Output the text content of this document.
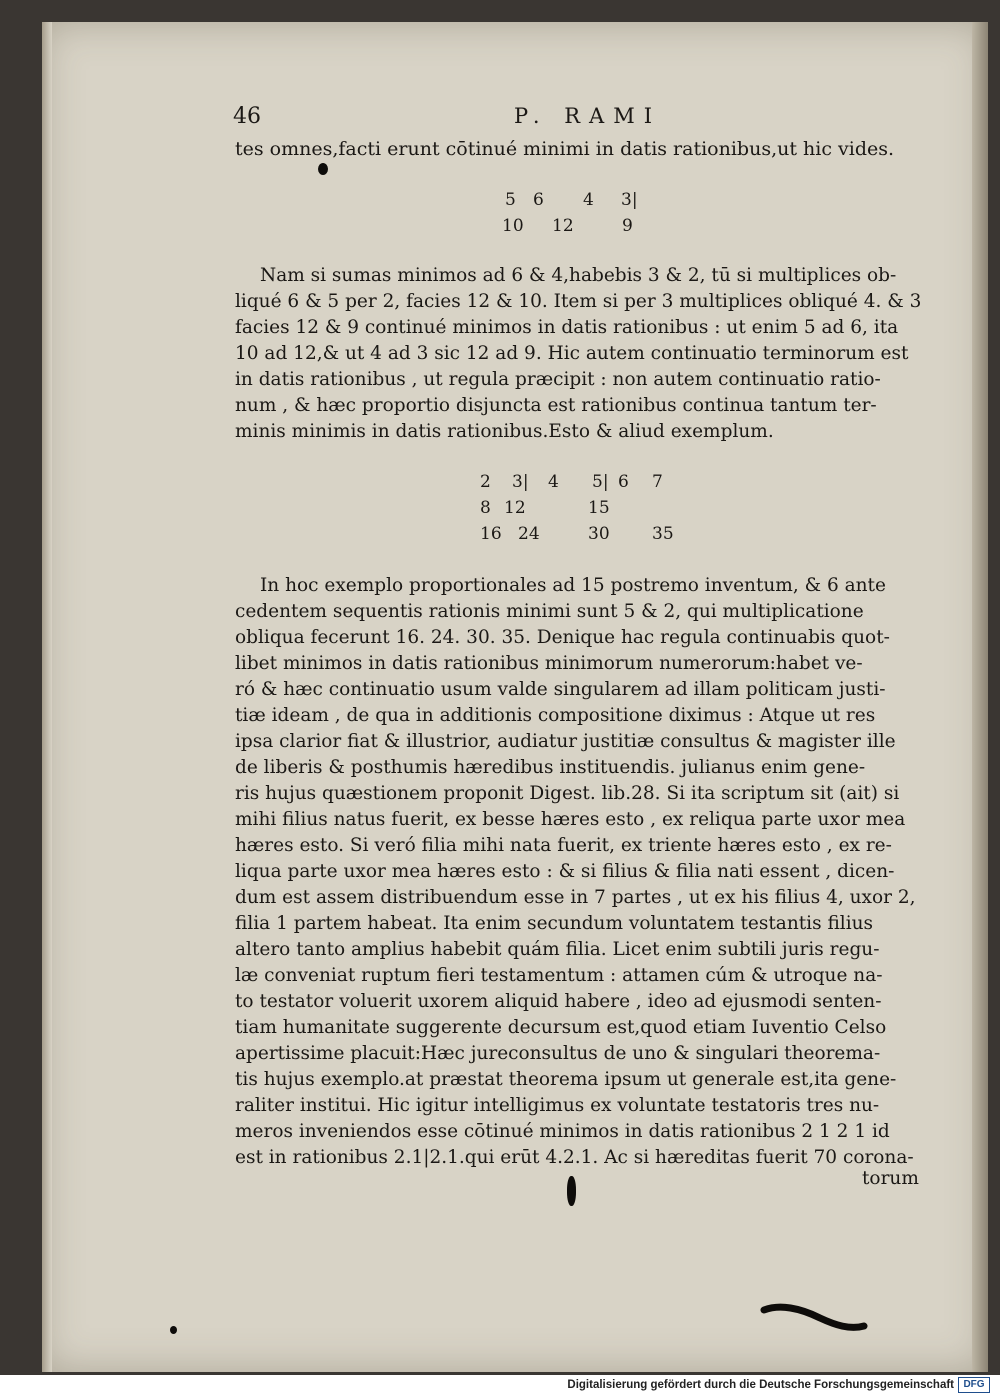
46	P. RAMI
tes omnes,facti erunt cōtinué minimi in datis rationibus,ut hic vides.
5 6 4 3|
10 12	9
Nam si sumas minimos ad 6 & 4,habebis 3 & 2, tū si multiplices ob-
liqué 6 & 5 per 2, facies 12 & 10. Item si per 3 multiplices obliqué 4. & 3
facies 12 & 9 continué minimos in datis rationibus : ut enim 5 ad 6, ita
10 ad 12,& ut 4 ad 3 sic 12 ad 9. Hic autem continuatio terminorum est
in datis rationibus , ut regula præcipit : non autem continuatio ratio-
num , & hæc proportio disjuncta est rationibus continua tantum ter-
minis minimis in datis rationibus.Esto & aliud exemplum.
2 3| 4 5| 6 7
8 12	15
16 24	30 35
In hoc exemplo proportionales ad 15 postremo inventum, & 6 ante
cedentem sequentis rationis minimi sunt 5 & 2, qui multiplicatione
obliqua fecerunt 16. 24. 30. 35. Denique hac regula continuabis quot-
libet minimos in datis rationibus minimorum numerorum:habet ve-
ró & hæc continuatio usum valde singularem ad illam politicam justi-
tiæ ideam , de qua in additionis compositione diximus : Atque ut res
ipsa clarior fiat & illustrior, audiatur justitiæ consultus & magister ille
de liberis & posthumis hæredibus instituendis. julianus enim gene-
ris hujus quæstionem proponit Digest. lib.28. Si ita scriptum sit (ait) si
mihi filius natus fuerit, ex besse hæres esto , ex reliqua parte uxor mea
hæres esto. Si veró filia mihi nata fuerit, ex triente hæres esto , ex re-
liqua parte uxor mea hæres esto : & si filius & filia nati essent , dicen-
dum est assem distribuendum esse in 7 partes , ut ex his filius 4, uxor 2,
filia 1 partem habeat. Ita enim secundum voluntatem testantis filius
altero tanto amplius habebit quám filia. Licet enim subtili juris regu-
læ conveniat ruptum fieri testamentum : attamen cúm & utroque na-
to testator voluerit uxorem aliquid habere , ideo ad ejusmodi senten-
tiam humanitate suggerente decursum est,quod etiam Iuventio Celso
apertissime placuit:Hæc jureconsultus de uno & singulari theorema-
tis hujus exemplo.at præstat theorema ipsum ut generale est,ita gene-
raliter institui. Hic igitur intelligimus ex voluntate testatoris tres nu-
meros inveniendos esse cōtinué minimos in datis rationibus 2 1 2 1 id
est in rationibus 2.1|2.1.qui erūt 4.2.1. Ac si hæreditas fuerit 70 corona-
torum
Digitalisierung gefördert durch die Deutsche Forschungsgemeinschaft DFG
